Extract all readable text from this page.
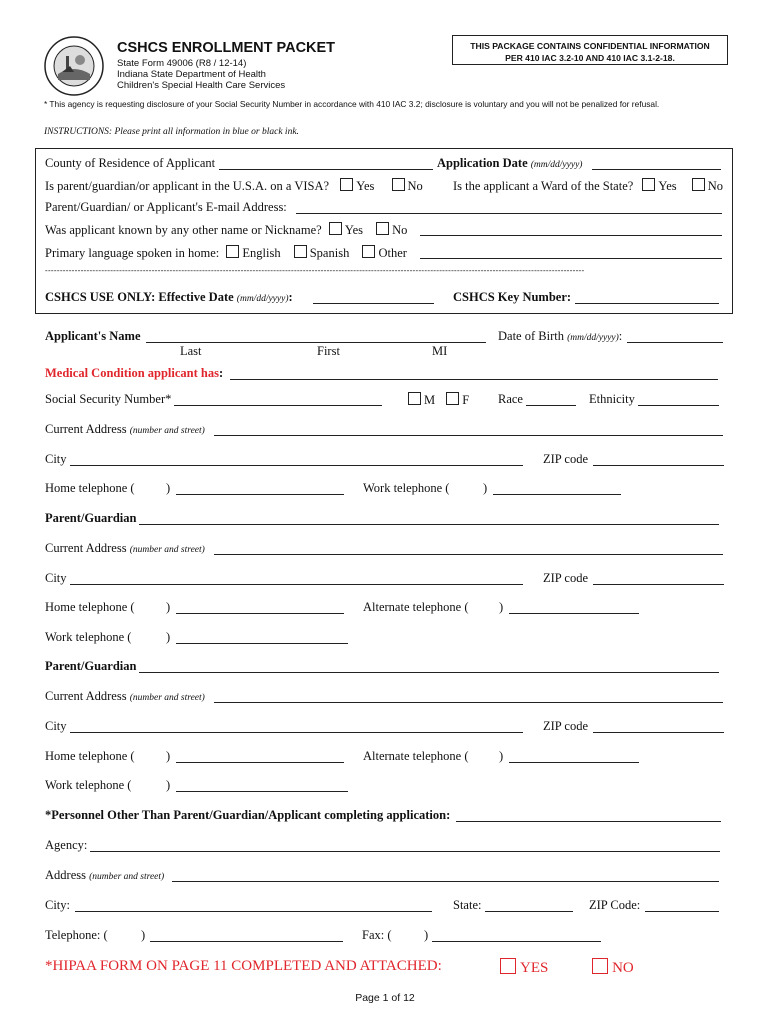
CSHCS ENROLLMENT PACKET
State Form 49006 (R8 / 12-14)
Indiana State Department of Health
Children's Special Health Care Services
THIS PACKAGE CONTAINS CONFIDENTIAL INFORMATION
PER 410 IAC 3.2-10 AND 410 IAC 3.1-2-18.
* This agency is requesting disclosure of your Social Security Number in accordance with 410 IAC 3.2; disclosure is voluntary and you will not be penalized for refusal.
INSTRUCTIONS: Please print all information in blue or black ink.
County of Residence of Applicant	Application Date (mm/dd/yyyy)
Is parent/guardian/or applicant in the U.S.A. on a VISA? Yes	No Is the applicant a Ward of the State? Yes No
Parent/Guardian/ or Applicant's E-mail Address:
Was applicant known by any other name or Nickname? Yes No
Primary language spoken in home: English Spanish Other
--------------------------------------------------------------------------------------------------------------------------------------------------------------------------------------
CSHCS USE ONLY: Effective Date (mm/dd/yyyy):	CSHCS Key Number:
Applicant's Name	Date of Birth (mm/dd/yyyy):
Last	First	MI
Medical Condition applicant has:
Social Security Number*	M F Race	Ethnicity
Current Address (number and street)
City	ZIP code
Home telephone (	)	Work telephone (	)
Parent/Guardian
Current Address (number and street)
City	ZIP code
Home telephone (	)	Alternate telephone ( )
Work telephone (	)
Parent/Guardian
Current Address (number and street)
City	ZIP code
Home telephone (	)	Alternate telephone ( )
Work telephone (	)
*Personnel Other Than Parent/Guardian/Applicant completing application:
Agency:
Address (number and street)
City:	State:	ZIP Code:
Telephone: (	)	Fax: (	)
*HIPAA FORM ON PAGE 11 COMPLETED AND ATTACHED:	YES	NO
Page 1 of 12
